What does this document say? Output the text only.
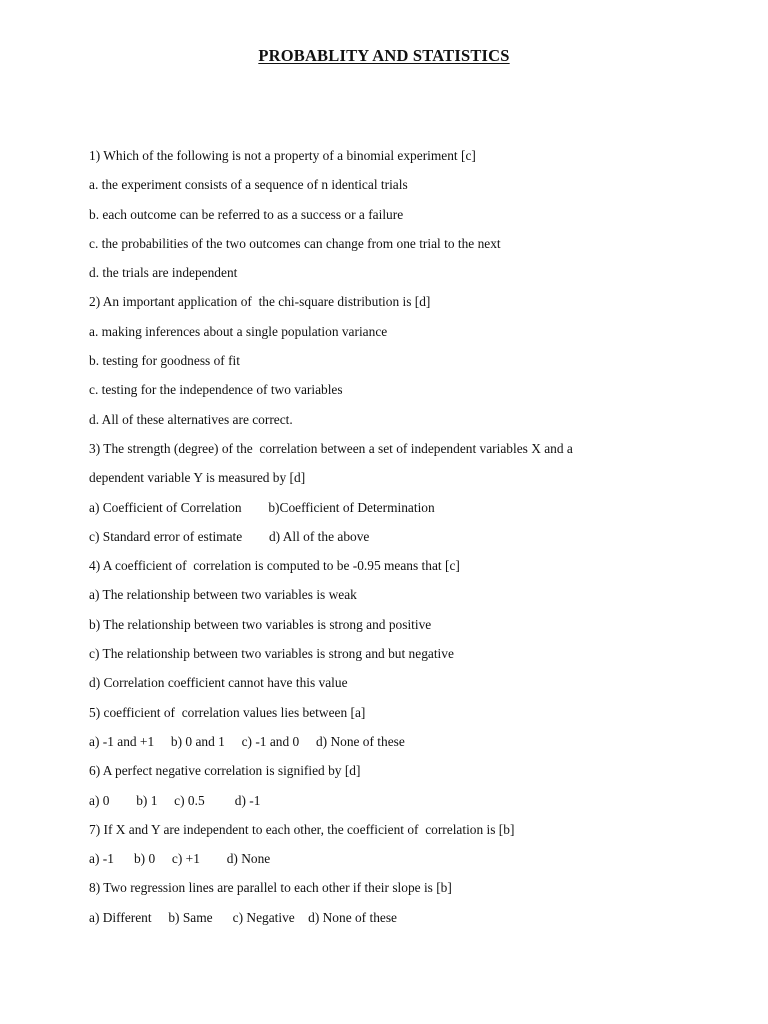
PROBABLITY AND STATISTICS
1) Which of the following is not a property of a binomial experiment [c]
a. the experiment consists of a sequence of n identical trials
b. each outcome can be referred to as a success or a failure
c. the probabilities of the two outcomes can change from one trial to the next
d. the trials are independent
2) An important application of  the chi-square distribution is [d]
a. making inferences about a single population variance
b. testing for goodness of fit
c. testing for the independence of two variables
d. All of these alternatives are correct.
3) The strength (degree) of the  correlation between a set of independent variables X and a
dependent variable Y is measured by [d]
a) Coefficient of Correlation        b)Coefficient of Determination
c) Standard error of estimate        d) All of the above
4) A coefficient of  correlation is computed to be -0.95 means that [c]
a) The relationship between two variables is weak
b) The relationship between two variables is strong and positive
c) The relationship between two variables is strong and but negative
d) Correlation coefficient cannot have this value
5) coefficient of  correlation values lies between [a]
a) -1 and +1     b) 0 and 1     c) -1 and 0     d) None of these
6) A perfect negative correlation is signified by [d]
a) 0        b) 1     c) 0.5         d) -1
7) If X and Y are independent to each other, the coefficient of  correlation is [b]
a) -1      b) 0     c) +1        d) None
8) Two regression lines are parallel to each other if their slope is [b]
a) Different     b) Same      c) Negative    d) None of these
